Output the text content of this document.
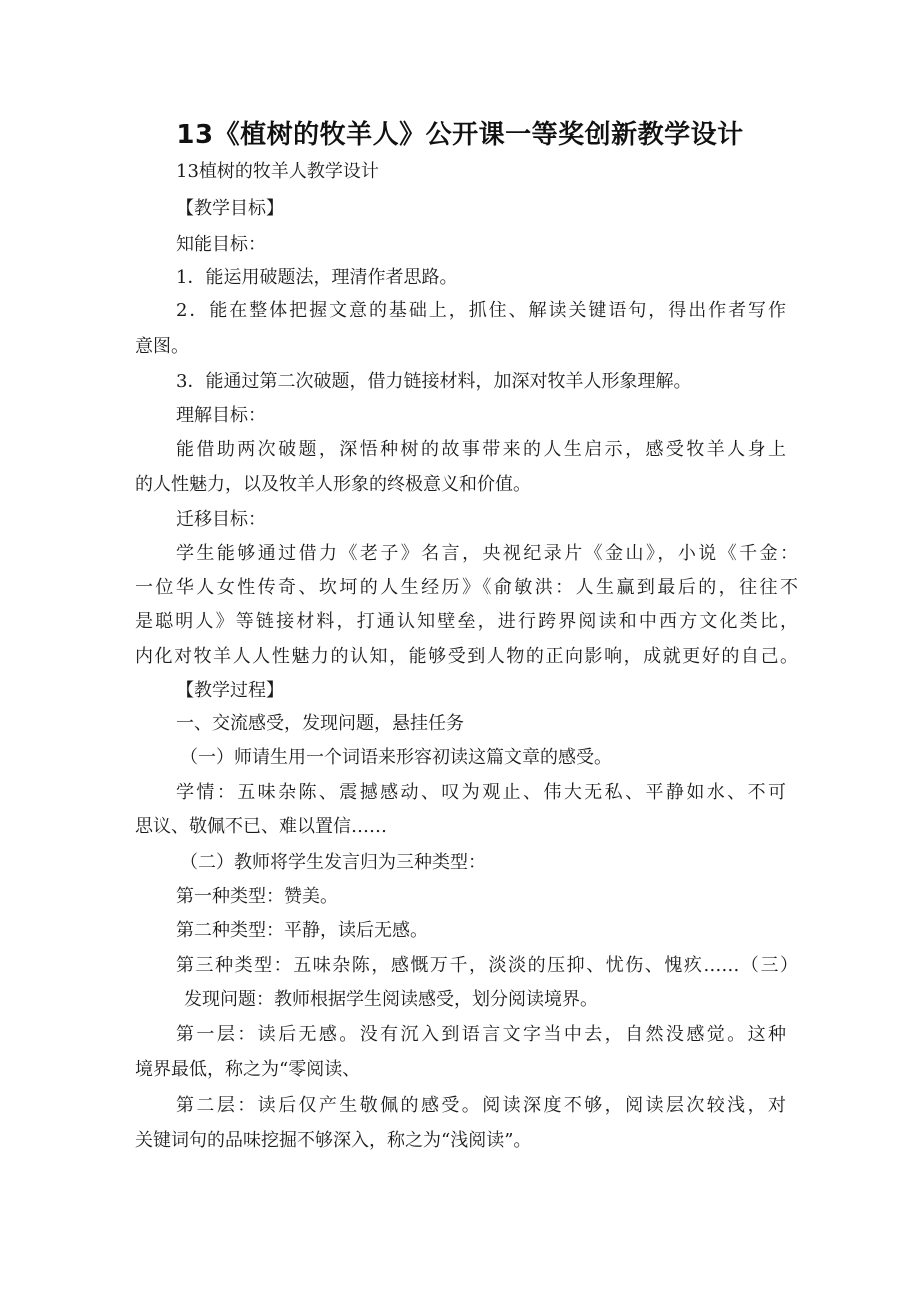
13《植树的牧羊人》公开课一等奖创新教学设计
13植树的牧羊人教学设计
【教学目标】
知能目标：
1．能运用破题法，理清作者思路。
2．能在整体把握文意的基础上，抓住、解读关键语句，得出作者写作
意图。
3．能通过第二次破题，借力链接材料，加深对牧羊人形象理解。
理解目标：
能借助两次破题，深悟种树的故事带来的人生启示，感受牧羊人身上
的人性魅力，以及牧羊人形象的终极意义和价值。
迁移目标：
学生能够通过借力《老子》名言，央视纪录片《金山》，小说《千金：
一位华人女性传奇、坎坷的人生经历》《俞敏洪：人生赢到最后的，往往不
是聪明人》等链接材料，打通认知壁垒，进行跨界阅读和中西方文化类比，
内化对牧羊人人性魅力的认知，能够受到人物的正向影响，成就更好的自己。
【教学过程】
一、交流感受，发现问题，悬挂任务
（一）师请生用一个词语来形容初读这篇文章的感受。
学情：五味杂陈、震撼感动、叹为观止、伟大无私、平静如水、不可
思议、敬佩不已、难以置信……
（二）教师将学生发言归为三种类型：
第一种类型：赞美。
第二种类型：平静，读后无感。
第三种类型：五味杂陈，感慨万千，淡淡的压抑、忧伤、愧疚……（三）
发现问题：教师根据学生阅读感受，划分阅读境界。
第一层：读后无感。没有沉入到语言文字当中去，自然没感觉。这种
境界最低，称之为“零阅读、
第二层：读后仅产生敬佩的感受。阅读深度不够，阅读层次较浅，对
关键词句的品味挖掘不够深入，称之为“浅阅读”。
